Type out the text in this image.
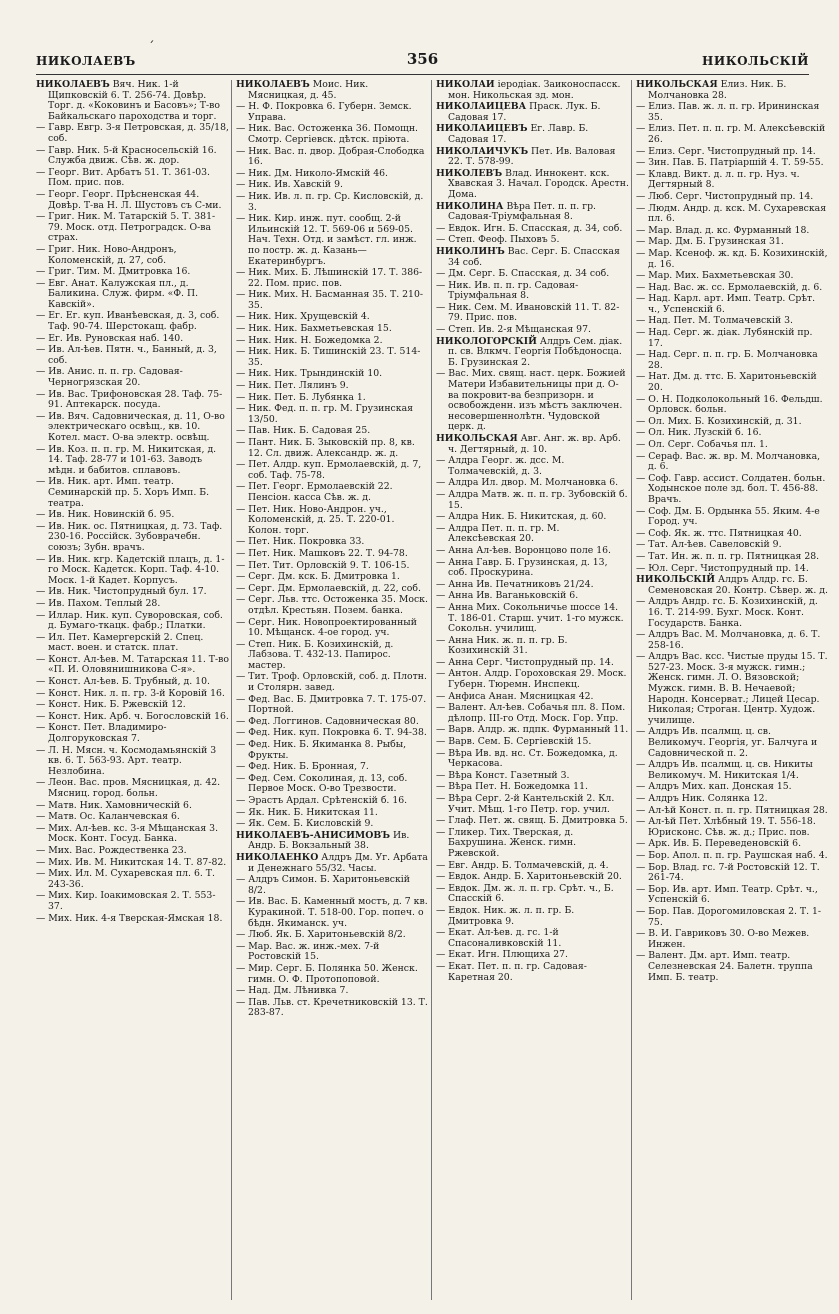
ˊ
НИКОЛАЕВЪ	356	НИКОЛЬСКІЙ
НИКОЛАЕВЪ Вяч. Ник. 1-й Щипковскій 6. Т. 256-74. Довѣр. Торг. д. «Коковинъ и Басовъ»; Т-во Байкальскаго пароходства и торг.
— Гавр. Евгр. 3-я Петровская, д. 35/18, соб.
— Гавр. Ник. 5-й Красносельскій 16. Служба движ. Сѣв. ж. дор.
— Георг. Вит. Арбатъ 51. Т. 361-03. Пом. прис. пов.
— Георг. Георг. Прѣсненская 44. Довѣр. Т-ва Н. Л. Шустовъ съ С-ми.
— Григ. Ник. М. Татарскій 5. Т. 381-79. Моск. отд. Петроградск. О-ва страх.
— Григ. Ник. Ново-Андронъ, Коломенскій, д. 27, соб.
— Григ. Тим. М. Дмитровка 16.
— Евг. Анат. Калужская пл., д. Баликина. Служ. фирм. «Ф. П. Кавскій».
— Ег. Ег. куп. Иванѣевская, д. 3, соб. Таф. 90-74. Шерстокащ. фабр.
— Ег. Ив. Руновская наб. 140.
— Ив. Ал-ѣев. Пятн. ч., Банный, д. 3, соб.
— Ив. Анис. п. п. гр. Садовая-Черногрязская 20.
— Ив. Вас. Трифоновская 28. Таф. 75-91. Аптекарск. посуда.
— Ив. Вяч. Садовническая, д. 11, О-во электрическаго освѣщ., кв. 10. Котел. маст. О-ва электр. освѣщ.
— Ив. Коз. п. п. гр. М. Никитская, д. 14. Таф. 28-77 и 101-63. Заводъ мѣдн. и бабитов. сплавовъ.
— Ив. Ник. арт. Имп. театр. Семинарскій пр. 5. Хоръ Имп. Б. театра.
— Ив. Ник. Новинскій б. 95.
— Ив. Ник. ос. Пятницкая, д. 73. Таф. 230-16. Россійск. Зубоврачебн. союзъ; Зубн. врачъ.
— Ив. Ник. кгр. Кадетскій плацъ, д. 1-го Моск. Кадетск. Корп. Таф. 4-10. Моск. 1-й Кадет. Корпусъ.
— Ив. Ник. Чистопрудный бул. 17.
— Ив. Пахом. Теплый 28.
— Иллар. Ник. куп. Суворовская, соб. д. Бумаго-ткацк. фабр.; Платки.
— Ил. Пет. Камергерскій 2. Спец. маст. воен. и статск. плат.
— Конст. Ал-ѣев. М. Татарская 11. Т-во «П. И. Оловянишникова С-я».
— Конст. Ал-ѣев. Б. Трубный, д. 10.
— Конст. Ник. л. п. гр. 3-й Коровій 16.
— Конст. Ник. Б. Ржевскій 12.
— Конст. Ник. Арб. ч. Богословскій 16.
— Конст. Пет. Владимиро-Долгоруковская 7.
— Л. Н. Мясн. ч. Космодамьянскій 3 кв. 6. Т. 563-93. Арт. театр. Незлобина.
— Леон. Вас. пров. Мясницкая, д. 42. Мясниц. город. больн.
— Матв. Ник. Хамовническій 6.
— Матв. Ос. Каланчевская 6.
— Мих. Ал-ѣев. кс. 3-я Мѣщанская 3. Моск. Конт. Госуд. Банка.
— Мих. Вас. Рождественка 23.
— Мих. Ив. М. Никитская 14. Т. 87-82.
— Мих. Ил. М. Сухаревская пл. 6. Т. 243-36.
— Мих. Кир. Іоакимовская 2. Т. 553-37.
— Мих. Ник. 4-я Тверская-Ямская 18.
НИКОЛАЕВЪ Моис. Ник. Мясницкая, д. 45.
— Н. Ф. Покровка 6. Губерн. Земск. Управа.
— Ник. Вас. Остоженка 36. Помощн. Смотр. Сергіевск. дѣтск. пріюта.
— Ник. Вас. п. двор. Добрая-Слободка 16.
— Ник. Дм. Николо-Ямскій 46.
— Ник. Ив. Хавскій 9.
— Ник. Ив. л. п. гр. Ср. Кисловскій, д. 3.
— Ник. Кир. инж. пут. сообщ. 2-й Ильинскій 12. Т. 569-06 и 569-05. Нач. Техн. Отд. и замѣст. гл. инж. по постр. ж. д. Казань—Екатеринбургъ.
— Ник. Мих. Б. Лѣшинскій 17. Т. 386-22. Пом. прис. пов.
— Ник. Мих. Н. Басманная 35. Т. 210-35.
— Ник. Ник. Хрущевскій 4.
— Ник. Ник. Бахметьевская 15.
— Ник. Ник. Н. Божедомка 2.
— Ник. Ник. Б. Тишинскій 23. Т. 514-35.
— Ник. Ник. Трындинскій 10.
— Ник. Пет. Лялинъ 9.
— Ник. Пет. Б. Лубянка 1.
— Ник. Фед. п. п. гр. М. Грузинская 13/50.
— Пав. Ник. Б. Садовая 25.
— Пант. Ник. Б. Зыковскій пр. 8, кв. 12. Сл. движ. Александр. ж. д.
— Пет. Алдр. куп. Ермолаевскій, д. 7, соб. Таф. 75-78.
— Пет. Георг. Ермолаевскій 22. Пенсіон. касса Сѣв. ж. д.
— Пет. Ник. Ново-Андрон. уч., Коломенскій, д. 25. Т. 220-01. Колон. торг.
— Пет. Ник. Покровка 33.
— Пет. Ник. Машковъ 22. Т. 94-78.
— Пет. Тит. Орловскій 9. Т. 106-15.
— Серг. Дм. кск. Б. Дмитровка 1.
— Серг. Дм. Ермолаевскій, д. 22, соб.
— Серг. Льв. ттс. Остоженка 35. Моск. отдѣл. Крестьян. Позем. банка.
— Серг. Ник. Новопроектированный 10. Мѣщанск. 4-ое город. уч.
— Степ. Ник. Б. Козихинскій, д. Лабзова. Т. 432-13. Папирос. мастер.
— Тит. Троф. Орловскій, соб. д. Плотн. и Столярн. завед.
— Фед. Вас. Б. Дмитровка 7. Т. 175-07. Портной.
— Фед. Логгинов. Садовническая 80.
— Фед. Ник. куп. Покровка 6. Т. 94-38.
— Фед. Ник. Б. Якиманка 8. Рыбы, Фрукты.
— Фед. Ник. Б. Бронная, 7.
— Фед. Сем. Соколиная, д. 13, соб. Первое Моск. О-во Трезвости.
— Эрастъ Ардал. Срѣтенскій б. 16.
— Як. Ник. Б. Никитская 11.
— Як. Сем. Б. Кисловскій 9.
НИКОЛАЕВЪ-АНИСИМОВЪ Ив. Андр. Б. Вокзальный 38.
НИКОЛАЕНКО Алдръ Дм. Уг. Арбата и Денежнаго 55/32. Часы.
— Алдръ Симон. Б. Харитоньевскій 8/2.
— Ив. Вас. Б. Каменный мостъ, д. 7 кв. Куракиной. Т. 518-00. Гор. попеч. о бѣдн. Якиманск. уч.
— Люб. Як. Б. Харитоньевскій 8/2.
— Мар. Вас. ж. инж.-мех. 7-й Ростовскій 15.
— Мир. Серг. Б. Полянка 50. Женск. гимн. О. Ф. Протопоповой.
— Над. Дм. Лѣнивка 7.
— Пав. Льв. ст. Кречетниковскій 13. Т. 283-87.
НИКОЛАИ іеродіак. Заиконоспасск. мон. Никольская зд. мон.
НИКОЛАИЦЕВА Праск. Лук. Б. Садовая 17.
НИКОЛАИЦЕВЪ Ег. Лавр. Б. Садовая 17.
НИКОЛАИЧУКЪ Пет. Ив. Валовая 22. Т. 578-99.
НИКОЛЕВЪ Влад. Иннокент. кск. Хвавская 3. Начал. Городск. Арестн. Дома.
НИКОЛИНА Вѣра Пет. п. п. гр. Садовая-Тріумфальная 8.
— Евдок. Игн. Б. Спасская, д. 34, соб.
— Степ. Феоф. Пыховъ 5.
НИКОЛИНЪ Вас. Серг. Б. Спасская 34 соб.
— Дм. Серг. Б. Спасская, д. 34 соб.
— Ник. Ив. п. п. гр. Садовая-Тріумфальная 8.
— Ник. Сем. М. Ивановскій 11. Т. 82-79. Прис. пов.
— Степ. Ив. 2-я Мѣщанская 97.
НИКОЛОГОРСКІЙ Алдръ Сем. діак. п. св. Влкмч. Георгія Побѣдоносца. Б. Грузинская 2.
— Вас. Мих. свящ. наст. церк. Божией Матери Избавительницы при д. О-ва покровит-ва безпризорн. и освобожденн. изъ мѣстъ заключен. несовершеннолѣтн. Чудовской церк. д.
НИКОЛЬСКАЯ Авг. Анг. ж. вр. Арб. ч. Дегтярный, д. 10.
— Алдра Георг. ж. дсс. М. Толмачевскій, д. 3.
— Алдра Ил. двор. М. Молчановка 6.
— Алдра Матв. ж. п. п. гр. Зубовскій б. 15.
— Алдра Ник. Б. Никитская, д. 60.
— Алдра Пет. п. п. гр. М. Алексѣевская 20.
— Анна Ал-ѣев. Воронцово поле 16.
— Анна Гавр. Б. Грузинская, д. 13, соб. Проскурина.
— Анна Ив. Печатниковъ 21/24.
— Анна Ив. Ваганьковскій 6.
— Анна Мих. Сокольничье шоссе 14. Т. 186-01. Старш. учит. 1-го мужск. Сокольн. училищ.
— Анна Ник. ж. п. п. гр. Б. Козихинскій 31.
— Анна Серг. Чистопрудный пр. 14.
— Антон. Алдр. Гороховская 29. Моск. Губерн. Тюремн. Инспекц.
— Анфиса Анан. Мясницкая 42.
— Валент. Ал-ѣев. Собачья пл. 8. Пом. дѣлопр. III-го Отд. Моск. Гор. Упр.
— Варв. Алдр. ж. пдпк. Фурманный 11.
— Варв. Сем. Б. Сергіевскій 15.
— Вѣра Ив. вд. нс. Ст. Божедомка, д. Черкасова.
— Вѣра Конст. Газетный 3.
— Вѣра Пет. Н. Божедомка 11.
— Вѣра Серг. 2-й Кантельскій 2. Кл. Учит. Мѣщ. 1-го Петр. гор. учил.
— Глаф. Пет. ж. свящ. Б. Дмитровка 5.
— Гликер. Тих. Тверская, д. Бахрушина. Женск. гимн. Ржевской.
— Евг. Андр. Б. Толмачевскій, д. 4.
— Евдок. Андр. Б. Харитоньевскій 20.
— Евдок. Дм. ж. л. п. гр. Срѣт. ч., Б. Спасскій 6.
— Евдок. Ник. ж. л. п. гр. Б. Дмитровка 9.
— Екат. Ал-ѣев. д. гс. 1-й Спасоналивковскій 11.
— Екат. Игн. Плющиха 27.
— Екат. Пет. п. п. гр. Садовая-Каретная 20.
НИКОЛЬСКАЯ Елиз. Ник. Б. Молчановка 28.
— Елиз. Пав. ж. л. п. гр. Ирининская 35.
— Елиз. Пет. п. п. гр. М. Алексѣевскій 26.
— Елиз. Серг. Чистопрудный пр. 14.
— Зин. Пав. Б. Патріаршій 4. Т. 59-55.
— Клавд. Викт. д. л. п. гр. Нуз. ч. Дегтярный 8.
— Люб. Серг. Чистопрудный пр. 14.
— Людм. Андр. д. кск. М. Сухаревская пл. 6.
— Мар. Влад. д. кс. Фурманный 18.
— Мар. Дм. Б. Грузинская 31.
— Мар. Ксеноф. ж. кд. Б. Козихинскій, д. 16.
— Мар. Мих. Бахметьевская 30.
— Над. Вас. ж. сс. Ермолаевскій, д. 6.
— Над. Карл. арт. Имп. Театр. Срѣт. ч., Успенскій 6.
— Над. Пет. М. Толмачевскій 3.
— Над. Серг. ж. діак. Лубянскій пр. 17.
— Над. Серг. п. п. гр. Б. Молчановка 28.
— Нат. Дм. д. ттс. Б. Харитоньевскій 20.
— О. Н. Подколокольный 16. Фельдш. Орловск. больн.
— Ол. Мих. Б. Козихинскій, д. 31.
— Ол. Ник. Лузскій б. 16.
— Ол. Серг. Собачья пл. 1.
— Сераф. Вас. ж. вр. М. Молчановка, д. 6.
— Соф. Гавр. ассист. Солдатен. больн. Ходынское поле зд. бол. Т. 456-88. Врачъ.
— Соф. Дм. Б. Ордынка 55. Яким. 4-е Город. уч.
— Соф. Як. ж. ттс. Пятницкая 40.
— Тат. Ал-ѣев. Савеловскій 9.
— Тат. Ин. ж. п. п. гр. Пятницкая 28.
— Юл. Серг. Чистопрудный пр. 14.
НИКОЛЬСКІЙ Алдръ Алдр. гс. Б. Семеновская 20. Контр. Сѣвер. ж. д.
— Алдръ Андр. гс. Б. Козихинскій, д. 16. Т. 214-99. Бухг. Моск. Конт. Государств. Банка.
— Алдръ Вас. М. Молчановка, д. 6. Т. 258-16.
— Алдръ Вас. ксс. Чистые пруды 15. Т. 527-23. Моск. 3-я мужск. гимн.; Женск. гимн. Л. О. Вязовской; Мужск. гимн. В. В. Нечаевой; Народн. Консерват.; Лицей Цесар. Николая; Строган. Центр. Худож. училище.
— Алдръ Ив. псалмщ. ц. св. Великомуч. Георгія, уг. Балчуга и Садовнической п. 2.
— Алдръ Ив. псалмщ. ц. св. Никиты Великомуч. М. Никитская 1/4.
— Алдръ Мих. кап. Донская 15.
— Алдръ Ник. Солянка 12.
— Ал-ѣй Конст. п. п. гр. Пятницкая 28.
— Ал-ѣй Пет. Хлѣбный 19. Т. 556-18. Юрисконс. Сѣв. ж. д.; Прис. пов.
— Арк. Ив. Б. Переведеновскій 6.
— Бор. Апол. п. п. гр. Раушская наб. 4.
— Бор. Влад. гс. 7-й Ростовскій 12. Т. 261-74.
— Бор. Ив. арт. Имп. Театр. Срѣт. ч., Успенскій 6.
— Бор. Пав. Дорогомиловская 2. Т. 1-75.
— В. И. Гавриковъ 30. О-во Межев. Инжен.
— Валент. Дм. арт. Имп. театр. Селезневская 24. Балетн. труппа Имп. Б. театр.
